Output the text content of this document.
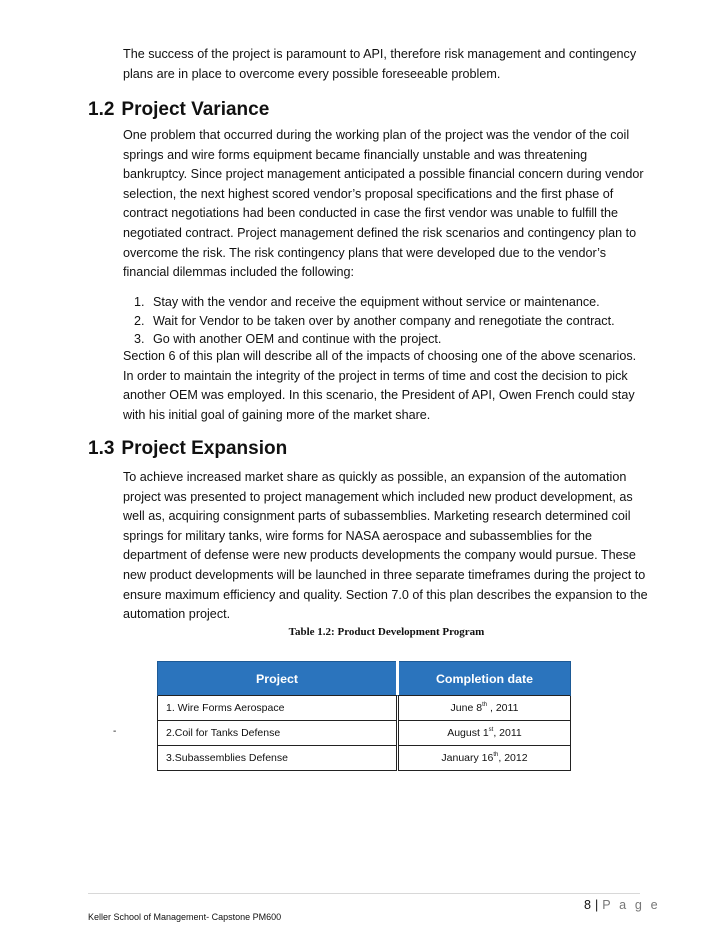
The success of the project is paramount to API, therefore risk management and contingency plans are in place to overcome every possible foreseeable problem.

1.2 Project Variance

One problem that occurred during the working plan of the project was the vendor of the coil springs and wire forms equipment became financially unstable and was threatening bankruptcy. Since project management anticipated a possible financial concern during vendor selection, the next highest scored vendor’s proposal specifications and the first phase of contract negotiations had been conducted in case the first vendor was unable to fulfill the negotiated contract. Project management defined the risk scenarios and contingency plan to overcome the risk. The risk contingency plans that were developed due to the vendor’s financial dilemmas included the following:

1. Stay with the vendor and receive the equipment without service or maintenance.
2. Wait for Vendor to be taken over by another company and renegotiate the contract.
3. Go with another OEM and continue with the project.

Section 6 of this plan will describe all of the impacts of choosing one of the above scenarios. In order to maintain the integrity of the project in terms of time and cost the decision to pick another OEM was employed. In this scenario, the President of API, Owen French could stay with his initial goal of gaining more of the market share.

1.3 Project Expansion

To achieve increased market share as quickly as possible, an expansion of the automation project was presented to project management which included new product development, as well as, acquiring consignment parts of subassemblies. Marketing research determined coil springs for military tanks, wire forms for NASA aerospace and subassemblies for the department of defense were new products developments the company would pursue. These new product developments will be launched in three separate timeframes during the project to ensure maximum efficiency and quality. Section 7.0 of this plan describes the expansion to the automation project.

Table 1.2: Product Development Program
Project	Completion date
1. Wire Forms Aerospace	June 8th , 2011
2.Coil for Tanks Defense	August 1st, 2011
3.Subassemblies Defense	January 16th, 2012
-
8 | P a g e
Keller School of Management- Capstone PM600
